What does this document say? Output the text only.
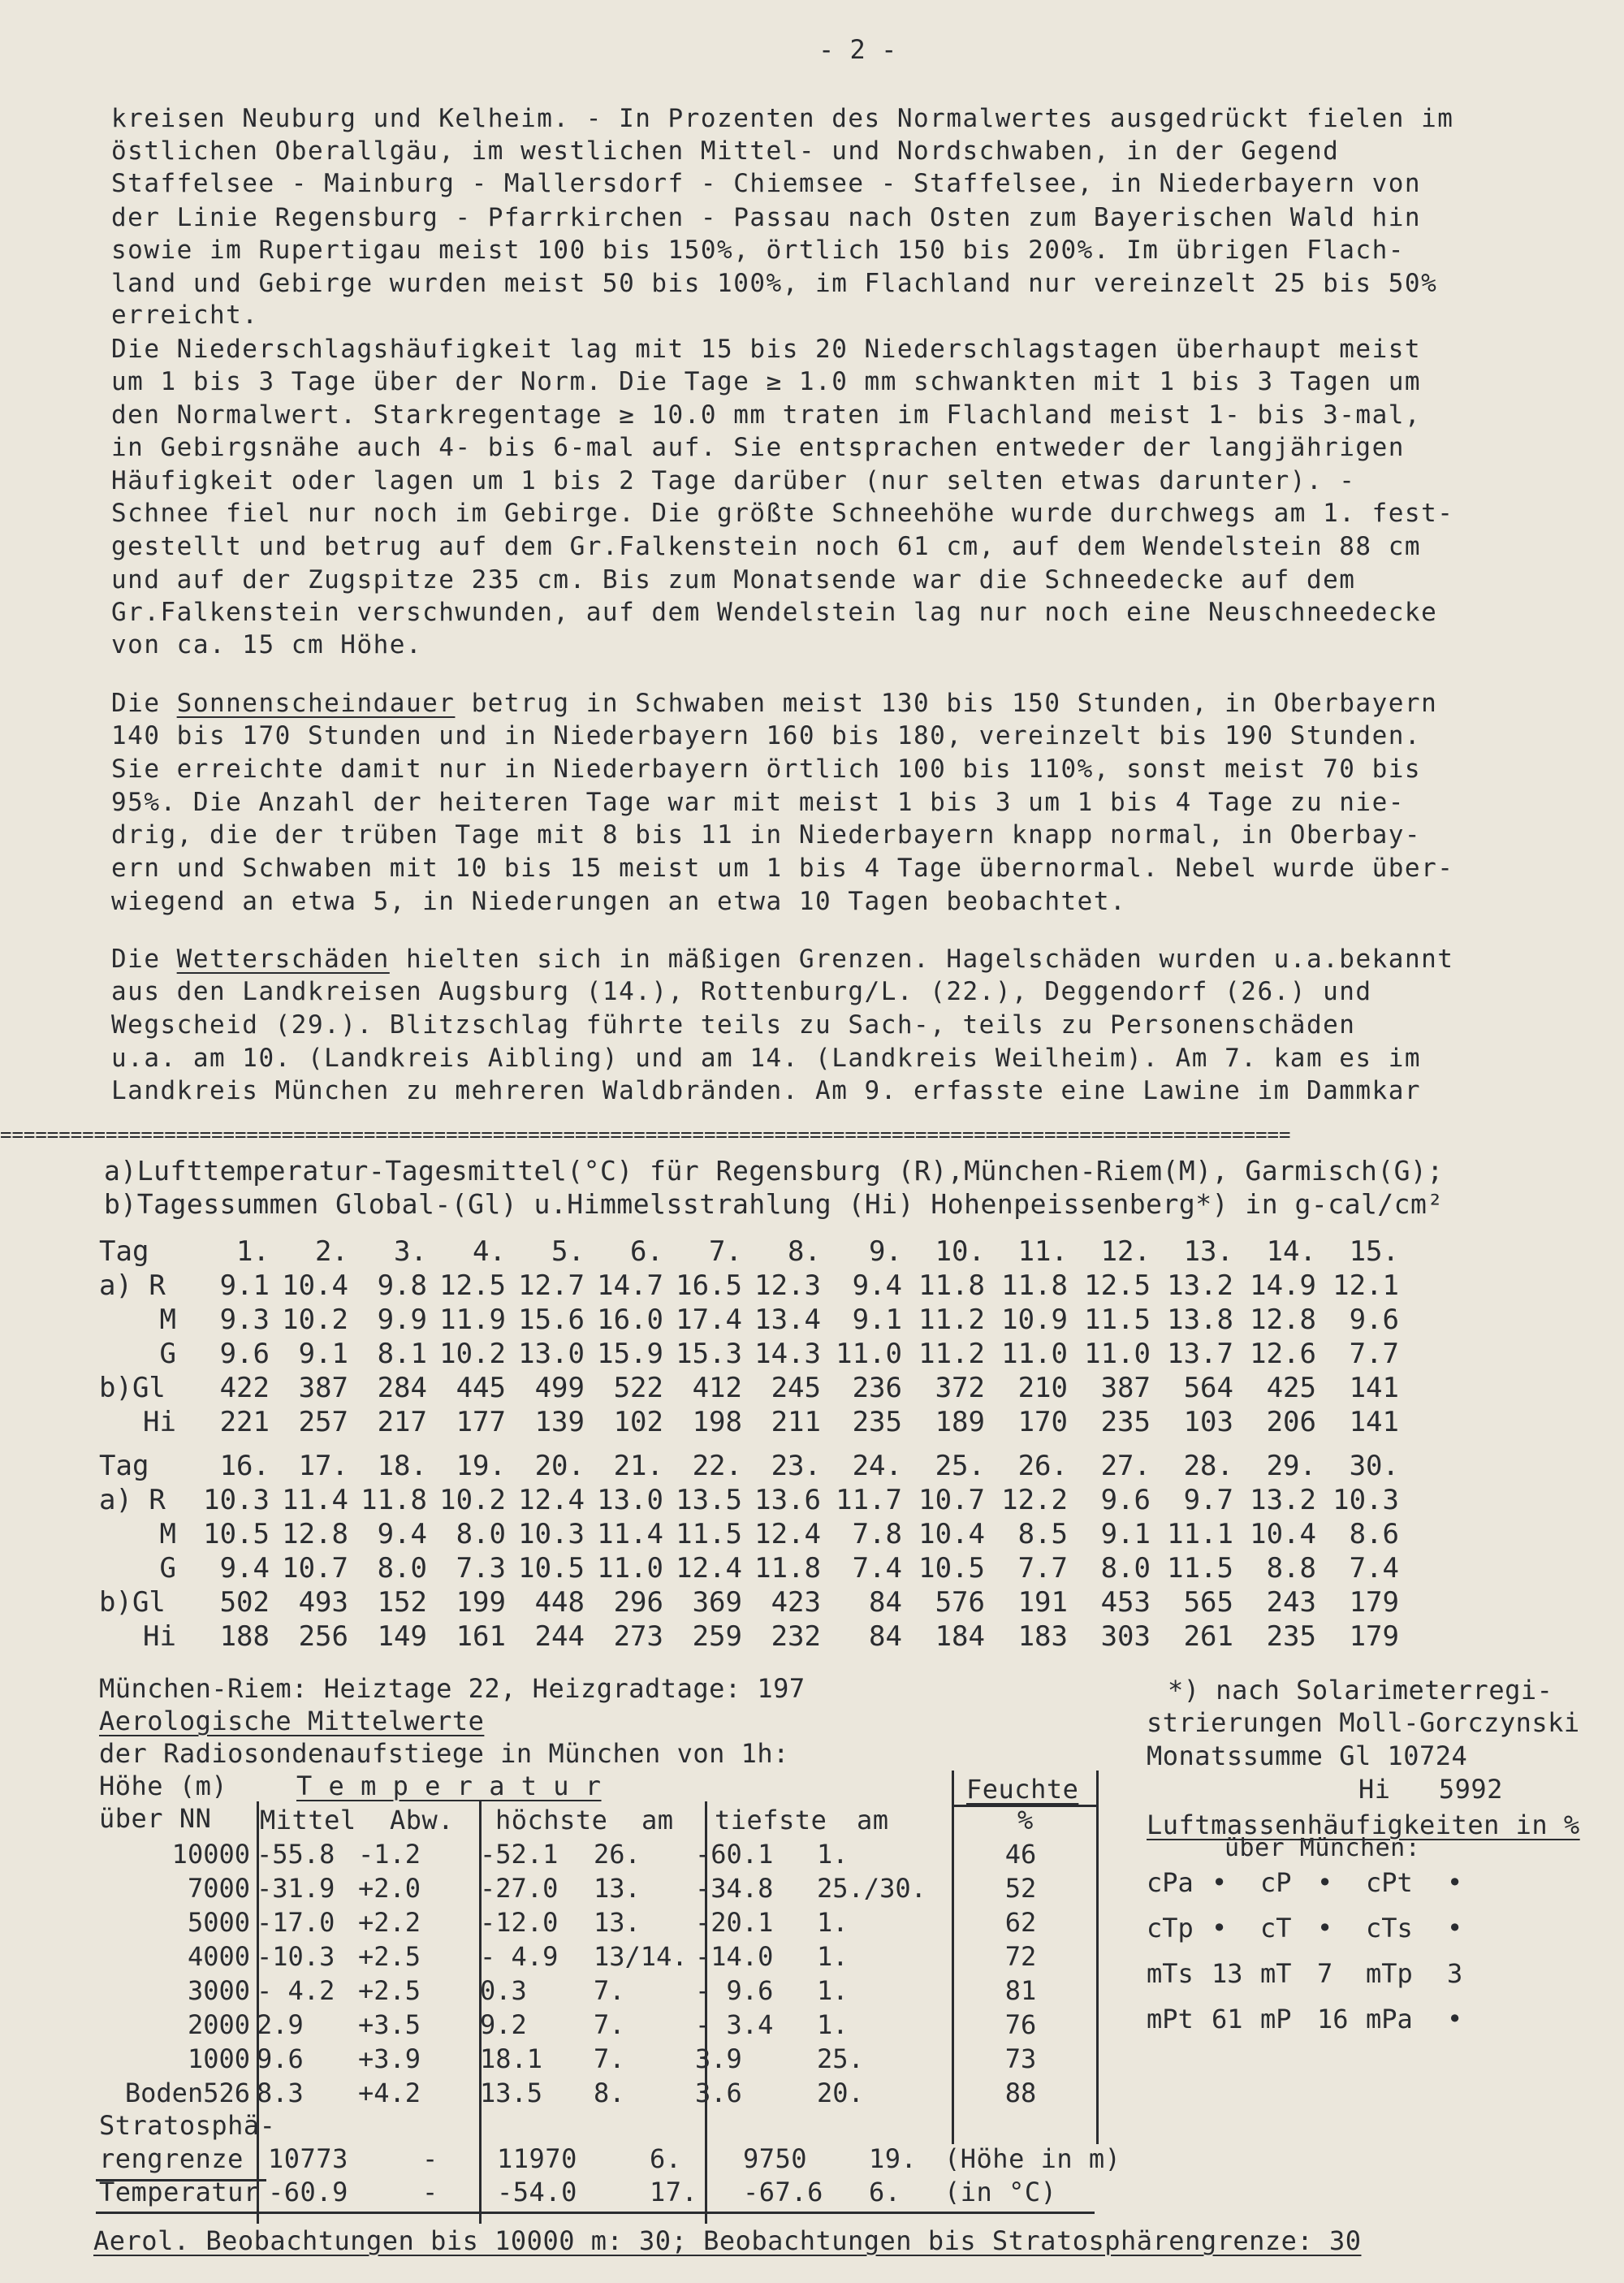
- 2 -
kreisen Neuburg und Kelheim. - In Prozenten des Normalwertes ausgedrückt fielen im
östlichen Oberallgäu, im westlichen Mittel- und Nordschwaben, in der Gegend
Staffelsee - Mainburg - Mallersdorf - Chiemsee - Staffelsee, in Niederbayern von
der Linie Regensburg - Pfarrkirchen - Passau nach Osten zum Bayerischen Wald hin
sowie im Rupertigau meist 100 bis 150%, örtlich 150 bis 200%. Im übrigen Flach-
land und Gebirge wurden meist 50 bis 100%, im Flachland nur vereinzelt 25 bis 50%
erreicht.
Die Niederschlagshäufigkeit lag mit 15 bis 20 Niederschlagstagen überhaupt meist
um 1 bis 3 Tage über der Norm. Die Tage ≥ 1.0 mm schwankten mit 1 bis 3 Tagen um
den Normalwert. Starkregentage ≥ 10.0 mm traten im Flachland meist 1- bis 3-mal,
in Gebirgsnähe auch 4- bis 6-mal auf. Sie entsprachen entweder der langjährigen
Häufigkeit oder lagen um 1 bis 2 Tage darüber (nur selten etwas darunter). -
Schnee fiel nur noch im Gebirge. Die größte Schneehöhe wurde durchwegs am 1. fest-
gestellt und betrug auf dem Gr.Falkenstein noch 61 cm, auf dem Wendelstein 88 cm
und auf der Zugspitze 235 cm. Bis zum Monatsende war die Schneedecke auf dem
Gr.Falkenstein verschwunden, auf dem Wendelstein lag nur noch eine Neuschneedecke
von ca. 15 cm Höhe.
Die Sonnenscheindauer betrug in Schwaben meist 130 bis 150 Stunden, in Oberbayern
140 bis 170 Stunden und in Niederbayern 160 bis 180, vereinzelt bis 190 Stunden.
Sie erreichte damit nur in Niederbayern örtlich 100 bis 110%, sonst meist 70 bis
95%. Die Anzahl der heiteren Tage war mit meist 1 bis 3 um 1 bis 4 Tage zu nie-
drig, die der trüben Tage mit 8 bis 11 in Niederbayern knapp normal, in Oberbay-
ern und Schwaben mit 10 bis 15 meist um 1 bis 4 Tage übernormal. Nebel wurde über-
wiegend an etwa 5, in Niederungen an etwa 10 Tagen beobachtet.
Die Wetterschäden hielten sich in mäßigen Grenzen. Hagelschäden wurden u.a.bekannt
aus den Landkreisen Augsburg (14.), Rottenburg/L. (22.), Deggendorf (26.) und
Wegscheid (29.). Blitzschlag führte teils zu Sach-, teils zu Personenschäden
u.a. am 10. (Landkreis Aibling) und am 14. (Landkreis Weilheim). Am 7. kam es im
Landkreis München zu mehreren Waldbränden. Am 9. erfasste eine Lawine im Dammkar
==============================================================================================================
a)Lufttemperatur-Tagesmittel(°C) für Regensburg (R),München-Riem(M), Garmisch(G);
b)Tagessummen Global-(Gl) u.Himmelsstrahlung (Hi) Hohenpeissenberg*) in g-cal/cm²
Tag		1.	2.	3.	4.	5.	6.	7.	8.	9.	10.	11.	12.	13.	14.	15.
a) R		9.1	10.4	9.8	12.5	12.7	14.7	16.5	12.3	9.4	11.8	11.8	12.5	13.2	14.9	12.1
M		9.3	10.2	9.9	11.9	15.6	16.0	17.4	13.4	9.1	11.2	10.9	11.5	13.8	12.8	9.6
G		9.6	9.1	8.1	10.2	13.0	15.9	15.3	14.3	11.0	11.2	11.0	11.0	13.7	12.6	7.7
b)Gl		422	387	284	445	499	522	412	245	236	372	210	387	564	425	141
Hi		221	257	217	177	139	102	198	211	235	189	170	235	103	206	141
Tag		16.	17.	18.	19.	20.	21.	22.	23.	24.	25.	26.	27.	28.	29.	30.
a) R		10.3	11.4	11.8	10.2	12.4	13.0	13.5	13.6	11.7	10.7	12.2	9.6	9.7	13.2	10.3
M		10.5	12.8	9.4	8.0	10.3	11.4	11.5	12.4	7.8	10.4	8.5	9.1	11.1	10.4	8.6
G		9.4	10.7	8.0	7.3	10.5	11.0	12.4	11.8	7.4	10.5	7.7	8.0	11.5	8.8	7.4
b)Gl		502	493	152	199	448	296	369	423	84	576	191	453	565	243	179
Hi		188	256	149	161	244	273	259	232	84	184	183	303	261	235	179
München-Riem: Heiztage 22, Heizgradtage: 197
Aerologische Mittelwerte
der Radiosondenaufstiege in München von 1h:
Höhe (m)
über NN
T e m p e r a t u r
Mittel Abw. höchste am tiefste am
Feuchte
%
10000	-55.8	-1.2	-52.1	26.	-60.1	1.	46
7000	-31.9	+2.0	-27.0	13.	-34.8	25./30.	52
5000	-17.0	+2.2	-12.0	13.	-20.1	1.	62
4000	-10.3	+2.5	- 4.9	13/14.	-14.0	1.	72
3000	- 4.2	+2.5	0.3	7.	- 9.6	1.	81
2000	2.9	+3.5	9.2	7.	- 3.4	1.	76
1000	9.6	+3.9	18.1	7.	3.9	25.	73
Boden526	8.3	+4.2	13.5	8.	3.6	20.	88
Stratosphä-
rengrenze
Temperatur
10773	- 11970	6. 9750 19. (Höhe in m)
-60.9	- -54.0	17. -67.6 6. (in °C)
Aerol. Beobachtungen bis 10000 m: 30; Beobachtungen bis Stratosphärengrenze: 30
*) nach Solarimeterregi-
strierungen Moll-Gorczynski
Monatssumme Gl 10724
Hi   5992
Luftmassenhäufigkeiten in %
über München:
cPa	•	cP	•	cPt	•
cTp	•	cT	•	cTs	•
mTs	13	mT	7	mTp	3
mPt	61	mP	16	mPa	•
